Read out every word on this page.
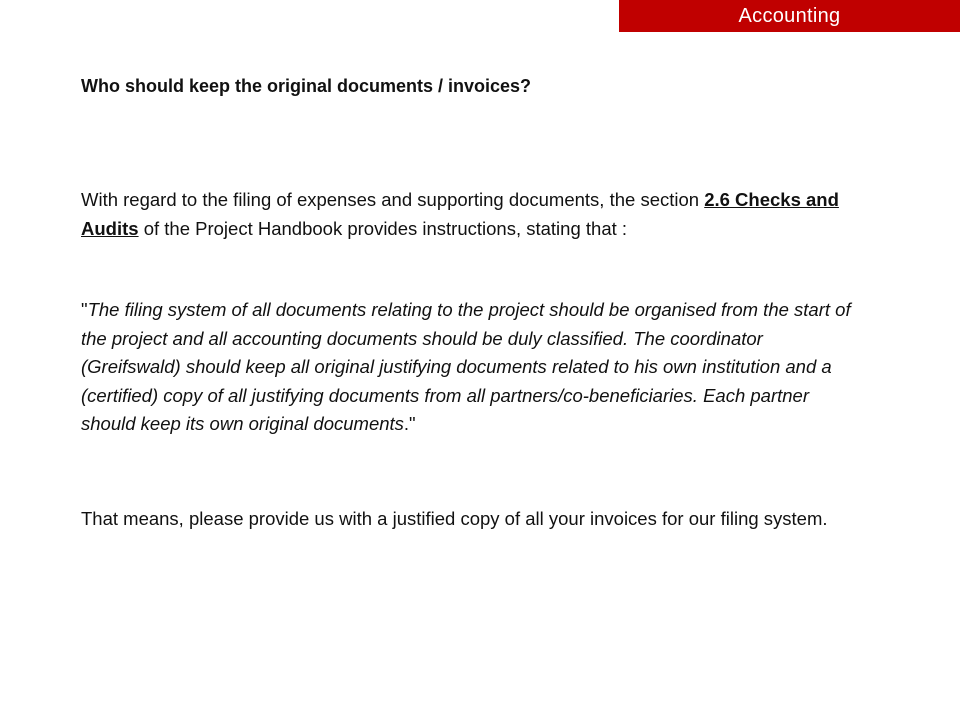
Accounting
Who should keep the original documents / invoices?

With regard to the filing of expenses and supporting documents, the section 2.6 Checks and Audits of the Project Handbook provides instructions, stating that :

"The filing system of all documents relating to the project should be organised from the start of the project and all accounting documents should be duly classified. The coordinator (Greifswald) should keep all original justifying documents related to his own institution and a (certified) copy of all justifying documents from all partners/co-beneficiaries. Each partner should keep its own original documents."

That means, please provide us with a justified copy of all your invoices for our filing system.
